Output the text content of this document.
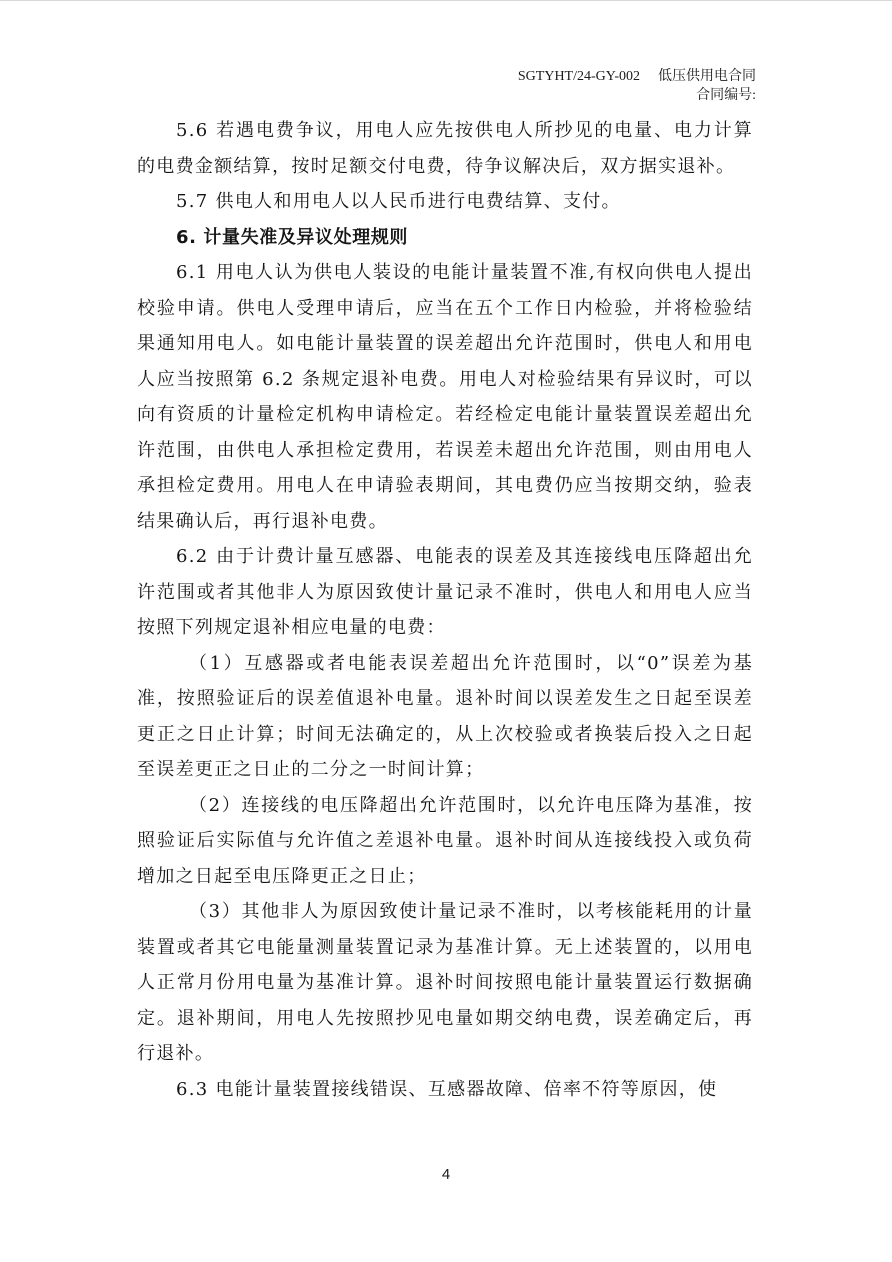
SGTYHT/24-GY-002 低压供用电合同
合同编号:

5.6 若遇电费争议，用电人应先按供电人所抄见的电量、电力计算的电费金额结算，按时足额交付电费，待争议解决后，双方据实退补。

5.7 供电人和用电人以人民币进行电费结算、支付。

6. 计量失准及异议处理规则

6.1 用电人认为供电人装设的电能计量装置不准,有权向供电人提出校验申请。供电人受理申请后，应当在五个工作日内检验，并将检验结果通知用电人。如电能计量装置的误差超出允许范围时，供电人和用电人应当按照第 6.2 条规定退补电费。用电人对检验结果有异议时，可以向有资质的计量检定机构申请检定。若经检定电能计量装置误差超出允许范围，由供电人承担检定费用，若误差未超出允许范围，则由用电人承担检定费用。用电人在申请验表期间，其电费仍应当按期交纳，验表结果确认后，再行退补电费。

6.2 由于计费计量互感器、电能表的误差及其连接线电压降超出允许范围或者其他非人为原因致使计量记录不准时，供电人和用电人应当按照下列规定退补相应电量的电费：

（1）互感器或者电能表误差超出允许范围时，以“0”误差为基准，按照验证后的误差值退补电量。退补时间以误差发生之日起至误差更正之日止计算；时间无法确定的，从上次校验或者换装后投入之日起至误差更正之日止的二分之一时间计算；

（2）连接线的电压降超出允许范围时，以允许电压降为基准，按照验证后实际值与允许值之差退补电量。退补时间从连接线投入或负荷增加之日起至电压降更正之日止；

（3）其他非人为原因致使计量记录不准时，以考核能耗用的计量装置或者其它电能量测量装置记录为基准计算。无上述装置的，以用电人正常月份用电量为基准计算。退补时间按照电能计量装置运行数据确定。退补期间，用电人先按照抄见电量如期交纳电费，误差确定后，再行退补。

6.3 电能计量装置接线错误、互感器故障、倍率不符等原因，使

4
